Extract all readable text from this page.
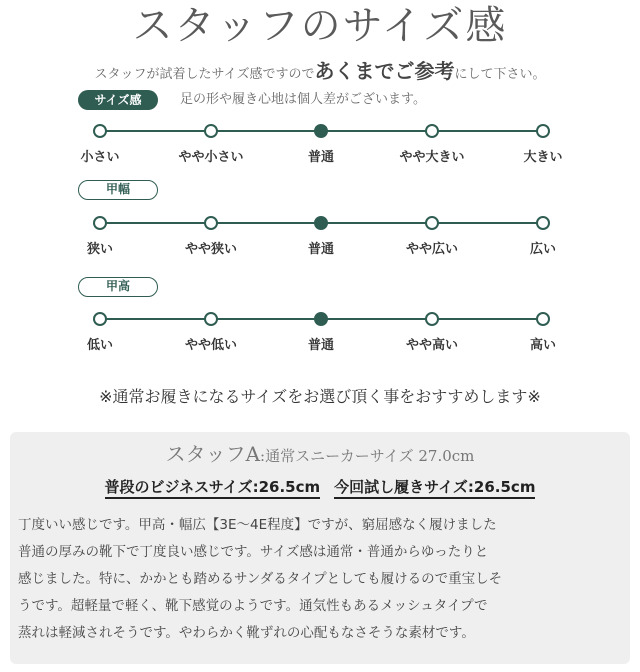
スタッフのサイズ感
スタッフが試着したサイズ感ですのであくまでご参考にして下さい。
足の形や履き心地は個人差がございます。
サイズ感
小さい	やや小さい	普通	やや大きい	大きい
甲幅
狭い	やや狭い	普通	やや広い	広い
甲高
低い	やや低い	普通	やや高い	高い
※通常お履きになるサイズをお選び頂く事をおすすめします※
スタッフA:通常スニーカーサイズ 27.0cm
普段のビジネスサイズ:26.5cm 今回試し履きサイズ:26.5cm
丁度いい感じです。甲高・幅広【3E～4E程度】ですが、窮屈感なく履けました
普通の厚みの靴下で丁度良い感じです。サイズ感は通常・普通からゆったりと
感じました。特に、かかとも踏めるサンダるタイプとしても履けるので重宝しそ
うです。超軽量で軽く、靴下感覚のようです。通気性もあるメッシュタイプで
蒸れは軽減されそうです。やわらかく靴ずれの心配もなさそうな素材です。
